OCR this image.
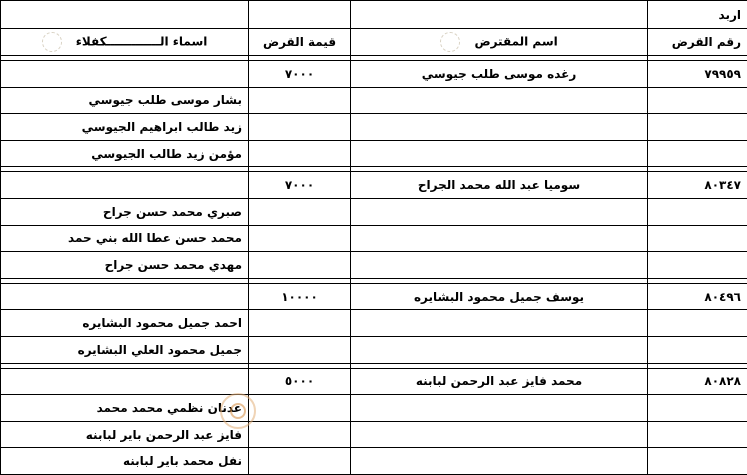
			اربد
اسماء الـــــــــــــكفلاء	قيمة القرض	اسم المقترض	رقم القرض

	٧٠٠٠	رغده موسى طلب جيوسي	٧٩٩٥٩
بشار موسى طلب جيوسي			
زيد طالب ابراهيم الجيوسي			
مؤمن زيد طالب الجيوسي			

	٧٠٠٠	سوميا عبد الله محمد الجراح	٨٠٣٤٧
صبري محمد حسن جراح			
محمد حسن عطا الله بني حمد			
مهدي محمد حسن جراح			

	١٠٠٠٠	يوسف جميل محمود البشايره	٨٠٤٩٦
احمد جميل محمود البشايره			
جميل محمود العلي البشايره			

	٥٠٠٠	محمد فايز عبد الرحمن لبابنه	٨٠٨٢٨
عدنان نظمي محمد محمد			
فايز عبد الرحمن باير لبابنه			
نفل محمد باير لبابنه			
